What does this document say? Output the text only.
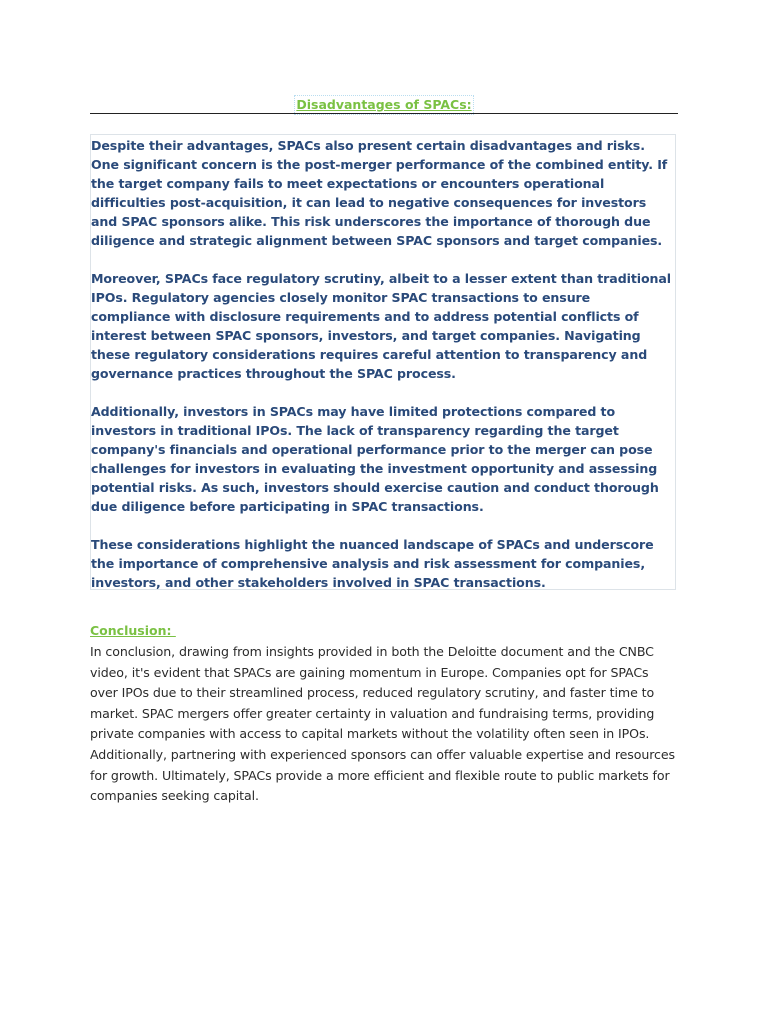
Disadvantages of SPACs:

Despite their advantages, SPACs also present certain disadvantages and risks. One significant concern is the post-merger performance of the combined entity. If the target company fails to meet expectations or encounters operational difficulties post-acquisition, it can lead to negative consequences for investors and SPAC sponsors alike. This risk underscores the importance of thorough due diligence and strategic alignment between SPAC sponsors and target companies.

Moreover, SPACs face regulatory scrutiny, albeit to a lesser extent than traditional IPOs. Regulatory agencies closely monitor SPAC transactions to ensure compliance with disclosure requirements and to address potential conflicts of interest between SPAC sponsors, investors, and target companies. Navigating these regulatory considerations requires careful attention to transparency and governance practices throughout the SPAC process.

Additionally, investors in SPACs may have limited protections compared to investors in traditional IPOs. The lack of transparency regarding the target company's financials and operational performance prior to the merger can pose challenges for investors in evaluating the investment opportunity and assessing potential risks. As such, investors should exercise caution and conduct thorough due diligence before participating in SPAC transactions.

These considerations highlight the nuanced landscape of SPACs and underscore the importance of comprehensive analysis and risk assessment for companies, investors, and other stakeholders involved in SPAC transactions.

Conclusion:

In conclusion, drawing from insights provided in both the Deloitte document and the CNBC video, it's evident that SPACs are gaining momentum in Europe. Companies opt for SPACs over IPOs due to their streamlined process, reduced regulatory scrutiny, and faster time to market. SPAC mergers offer greater certainty in valuation and fundraising terms, providing private companies with access to capital markets without the volatility often seen in IPOs. Additionally, partnering with experienced sponsors can offer valuable expertise and resources for growth. Ultimately, SPACs provide a more efficient and flexible route to public markets for companies seeking capital.
